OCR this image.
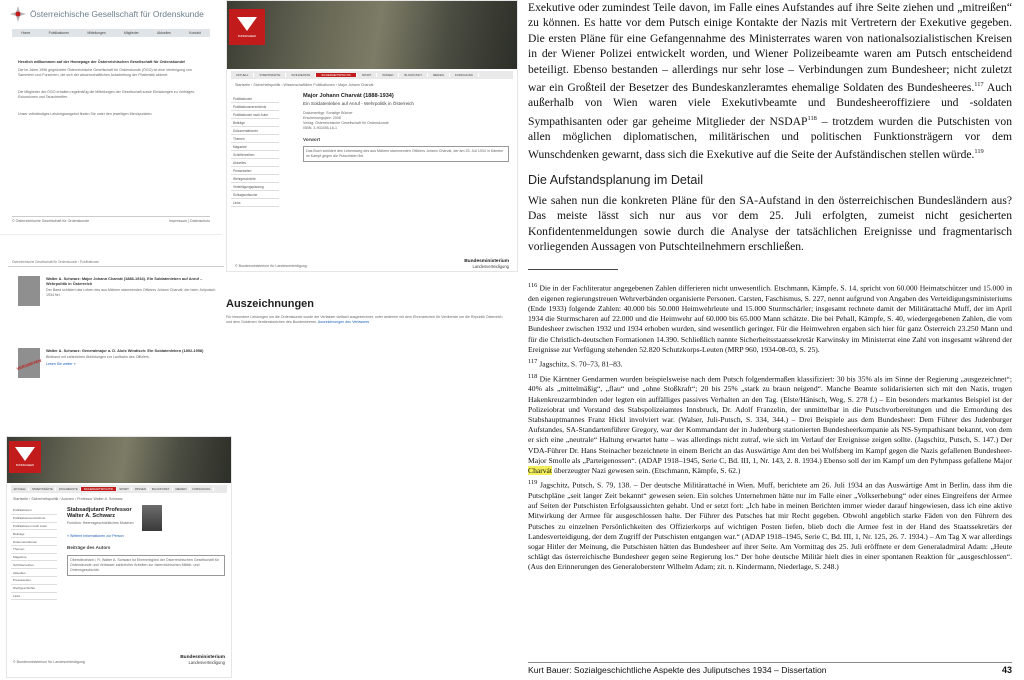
Österreichische Gesellschaft für Ordenskunde
Home	Publikationen	Mitteilungen	Mitglieder	Aktuelles	Kontakt
Herzlich willkommen auf der Homepage der Österreichischen Gesellschaft für Ordenskunde!
Die im Jahre 1996 gegründete Österreichische Gesellschaft für Ordenskunde (ÖGO) ist eine Vereinigung von Sammlern und Forschern, die sich der wissenschaftlichen Aufarbeitung der Phaleristik widmet.
Die Mitglieder der ÖGO erhalten regelmäßig die Mitteilungen der Gesellschaft sowie Einladungen zu Vorträgen, Exkursionen und Tauschtreffen.
Unser vollständiges Leistungsangebot finden Sie unter den jeweiligen Menüpunkten.
© Österreichische Gesellschaft für Ordenskunde	Impressum | Datenschutz
BUNDESHEER
AKTUELL	STREITKRÄFTE	ZIVILDIENSTE	SICHERHEITSPOLITIK	SPORT	WISSEN	BLICKPUNKT	MEDIEN	FORSCHUNG
Startseite › Sicherheitspolitik › Wissenschaftliche Publikationen › Major Johann Charvát
Publikationen
Publikationsverzeichnis
Publikationen nach Autor
Beiträge
Dokumentationen
Themen
Magazine
Schriftenreihen
Aktuelles
Presseseiten
Wehrgeschichte
Verteidigungsplanung
Schlagwortsuche
Links
Major Johann Charvát (1888-1934)
Ein Soldatenleben auf Anruf - Wehrpolitik in Österreich
Dokumenttyp: Sonstige Bücher
Erscheinungsjahr: 2008
Verlag: Österreichische Gesellschaft für Ordenskunde
ISBN: 3-902455-16-1
Vorwort
Das Buch schildert den Lebensweg des aus Mähren stammenden Offiziers Johann Charvát, der am 25. Juli 1934 in Kärnten im Kampf gegen die Putschisten fiel.
© Bundesministerium für Landesverteidigung
Bundesministerium
Landesverteidigung
Österreichische Gesellschaft für Ordenskunde › Publikationen
Walter A. Schwarz: Major Johann Charvát (1888-1934). Ein Soldatenleben auf Anruf – Wehrpolitik in Österreich
Der Band schildert das Leben des aus Mähren stammenden Offiziers Johann Charvát, der beim Juliputsch 1934 fiel.
VERGRIFFEN
Walter A. Schwarz: Generalmajor a. D. Alois Windisch: Ein Soldatenleben (1892-1958)
Bildband mit zahlreichen Abbildungen zur Laufbahn des Offiziers.
Lesen Sie weiter »
Auszeichnungen
Für besondere Leistungen um die Ordenskunde wurde der Verfasser vielfach ausgezeichnet, unter anderem mit dem Ehrenzeichen für Verdienste um die Republik Österreich und dem Goldenen Verdienstzeichen des Bundesheeres. Auszeichnungen des Verfassers
BUNDESHEER
AKTUELL	STREITKRÄFTE	ZIVILDIENSTE	SICHERHEITSPOLITIK	SPORT	WISSEN	BLICKPUNKT	MEDIEN	FORSCHUNG
Startseite › Sicherheitspolitik › Autoren › Professor Walter A. Schwarz
Publikationen
Publikationsverzeichnis
Publikationen nach Autor
Beiträge
Dokumentationen
Themen
Magazine
Schriftenreihen
Aktuelles
Presseseiten
Wehrgeschichte
Links
Stabsadjutant Professor Walter A. Schwarz
Funktion: Heeresgeschichtliches Museum
» Weitere Informationen zur Person
Beiträge des Autors
Oberstleutnant i. R. Walter A. Schwarz ist Ehrenmitglied der Österreichischen Gesellschaft für Ordenskunde und Verfasser zahlreicher Arbeiten zur österreichischen Militär- und Ordensgeschichte.
© Bundesministerium für Landesverteidigung
Bundesministerium
Landesverteidigung
Exekutive oder zumindest Teile davon, im Falle eines Aufstandes auf ihre Seite ziehen und „mitreißen“ zu können. Es hatte vor dem Putsch einige Kontakte der Nazis mit Vertretern der Exekutive gegeben. Die ersten Pläne für eine Gefangennahme des Ministerrates waren von nationalsozialistischen Kreisen in der Wiener Polizei entwickelt worden, und Wiener Polizeibeamte waren am Putsch entscheidend beteiligt. Ebenso bestanden – allerdings nur sehr lose – Verbindungen zum Bundesheer; nicht zuletzt war ein Großteil der Besetzer des Bundeskanzleramtes ehemalige Soldaten des Bundesheeres.$^{117}$ Auch außerhalb von Wien waren viele Exekutivbeamte und Bundesheeroffiziere und -soldaten Sympathisanten oder gar geheime Mitglieder der NSDAP$^{118}$ – trotzdem wurden die Putschisten von allen möglichen diplomatischen, militärischen und politischen Funktionsträgern vor dem Wunschdenken gewarnt, dass sich die Exekutive auf die Seite der Aufständischen stellen würde.$^{119}$
Die Aufstandsplanung im Detail
Wie sahen nun die konkreten Pläne für den SA-Aufstand in den österreichischen Bundesländern aus? Das meiste lässt sich nur aus vor dem 25. Juli erfolgten, zumeist nicht gesicherten Konfidentenmeldungen sowie durch die Analyse der tatsächlichen Ereignisse und fragmentarisch vorliegenden Aussagen von Putschteilnehmern erschließen.

$^{116}$ Die in der Fachliteratur angegebenen Zahlen differieren nicht unwesentlich. Etschmann, Kämpfe, S. 14, spricht von 60.000 Heimatschützer und 15.000 in den eigenen regierungstreuen Wehrverbänden organisierte Personen. Carsten, Faschismus, S. 227, nennt aufgrund von Angaben des Verteidigungsministeriums (Ende 1933) folgende Zahlen: 40.000 bis 50.000 Heimwehrleute und 15.000 Sturmschärler; insgesamt rechnete damit der Militärattaché Muff, der im April 1934 die Sturmscharen auf 22.000 und die Heimwehr auf 60.000 bis 65.000 Mann schätzte. Die bei Pehall, Kämpfe, S. 40, wiedergegebenen Zahlen, die vom Bundesheer zwischen 1932 und 1934 erhoben wurden, sind wesentlich geringer. Für die Heimwehren ergaben sich hier für ganz Österreich 23.250 Mann und für die Christlich-deutschen Formationen 14.390. Schließlich nannte Sicherheitsstaatssekretär Karwinsky im Ministerrat eine Zahl von insgesamt während der Ereignisse zur Verfügung stehenden 52.820 Schutzkorps-Leuten (MRP 960, 1934-08-03, S. 25).

$^{117}$ Jagschitz, S. 70–73, 81–83.

$^{118}$ Die Kärntner Gendarmen wurden beispielsweise nach dem Putsch folgendermaßen klassifiziert: 30 bis 35% als im Sinne der Regierung „ausgezeichnet“; 40% als „mittelmäßig“, „flau“ und „ohne Stoßkraft“; 20 bis 25% „stark zu braun neigend“. Manche Beamte solidarisierten sich mit den Nazis, trugen Hakenkreuzarmbinden oder legten ein auffälliges passives Verhalten an den Tag. (Elste/Hänisch, Weg, S. 278 f.) – Ein besonders markantes Beispiel ist der Polizeiobrat und Vorstand des Stabspolizeiamtes Innsbruck, Dr. Adolf Franzelin, der unmittelbar in die Putschvorbereitungen und die Ermordung des Stabshauptmannes Franz Hickl involviert war. (Walser, Juli-Putsch, S. 334, 344.) – Drei Beispiele aus dem Bundesheer: Dem Führer des Judenburger Aufstandes, SA-Standartenführer Gregory, war der Kommandant der in Judenburg stationierten Bundesheerkompanie als NS-Sympathisant bekannt, von dem er sich eine „neutrale“ Haltung erwartet hatte – was allerdings nicht zutraf, wie sich im Verlauf der Ereignisse zeigen sollte. (Jagschitz, Putsch, S. 147.) Der VDA-Führer Dr. Hans Steinacher bezeichnete in einem Bericht an das Auswärtige Amt den bei Wolfsberg im Kampf gegen die Nazis gefallenen Bundesheer-Major Smolle als „Parteigenossen“. (ADAP 1918–1945, Serie C, Bd. III, 1, Nr. 143, 2. 8. 1934.) Ebenso soll der im Kampf um den Pyhrnpass gefallene Major Charvát überzeugter Nazi gewesen sein. (Etschmann, Kämpfe, S. 62.)

$^{119}$ Jagschitz, Putsch, S. 79, 138. – Der deutsche Militärattaché in Wien, Muff, berichtete am 26. Juli 1934 an das Auswärtige Amt in Berlin, dass ihm die Putschpläne „seit langer Zeit bekannt“ gewesen seien. Ein solches Unternehmen hätte nur im Falle einer „Volkserhebung“ oder eines Eingreifens der Armee auf Seiten der Putschisten Erfolgsaussichten gehabt. Und er setzt fort: „Ich habe in meinen Berichten immer wieder darauf hingewiesen, dass ich eine aktive Mitwirkung der Armee für ausgeschlossen halte. Der Führer des Putsches hat mir Recht gegeben. Obwohl angeblich starke Fäden von den Führern des Putsches zu einzelnen Persönlichkeiten des Offizierkorps auf wichtigen Posten liefen, blieb doch die Armee fest in der Hand des Staatssekretärs der Landesverteidigung, der dem Zugriff der Putschisten entgangen war.“ (ADAP 1918–1945, Serie C, Bd. III, 1, Nr. 125, 26. 7. 1934.) – Am Tag X war allerdings sogar Hitler der Meinung, die Putschisten hätten das Bundesheer auf ihrer Seite. Am Vormittag des 25. Juli eröffnete er dem Generaladmiral Adam: „Heute schlägt das österreichische Bundesheer gegen seine Regierung los.“ Der hohe deutsche Militär hielt dies in einer spontanen Reaktion für „ausgeschlossen“. (Aus den Erinnerungen des Generaloberstenr Wilhelm Adam; zit. n. Kindermann, Niederlage, S. 248.)

Kurt Bauer: Sozialgeschichtliche Aspekte des Juliputsches 1934 – Dissertation	43
